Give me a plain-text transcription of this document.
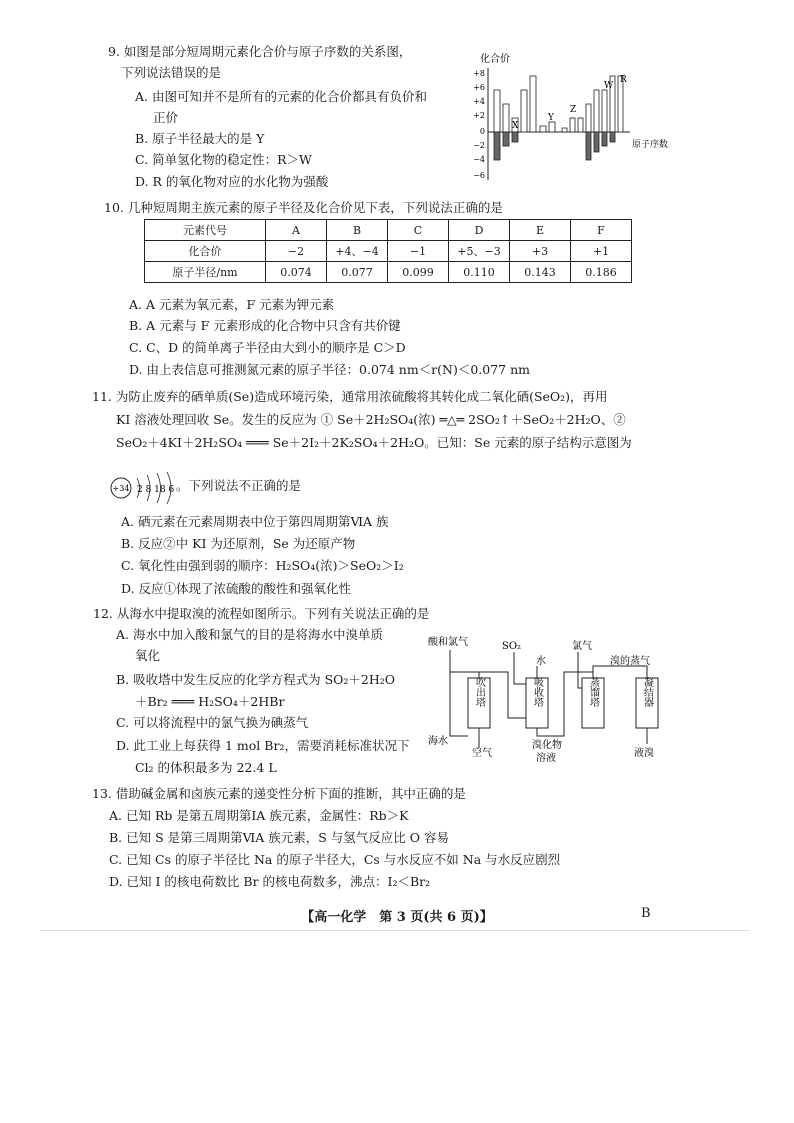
9. 如图是部分短周期元素化合价与原子序数的关系图，
下列说法错误的是
A. 由图可知并不是所有的元素的化合价都具有负价和
正价
B. 原子半径最大的是 Y
C. 简单氢化物的稳定性：R＞W
D. R 的氧化物对应的水化物为强酸
化合价
+8
+6
+4
+2
0
−2
−4
−6
原子序数
X
Y
Z
W
R
10. 几种短周期主族元素的原子半径及化合价见下表，下列说法正确的是
元素代号	A	B	C	D	E	F
化合价	−2	+4、−4	−1	+5、−3	+3	+1
原子半径/nm	0.074	0.077	0.099	0.110	0.143	0.186
A. A 元素为氧元素，F 元素为钾元素
B. A 元素与 F 元素形成的化合物中只含有共价键
C. C、D 的简单离子半径由大到小的顺序是 C＞D
D. 由上表信息可推测氮元素的原子半径：0.074 nm＜r(N)＜0.077 nm
11. 为防止废弃的硒单质(Se)造成环境污染，通常用浓硫酸将其转化成二氧化硒(SeO₂)，再用
KI 溶液处理回收 Se。发生的反应为 ① Se＋2H₂SO₄(浓) ═△═ 2SO₂↑＋SeO₂＋2H₂O、②
SeO₂＋4KI＋2H₂SO₄ ═══ Se＋2I₂＋2K₂SO₄＋2H₂O。已知：Se 元素的原子结构示意图为
+34 2 8 18 6 。下列说法不正确的是
A. 硒元素在元素周期表中位于第四周期第ⅥA 族
B. 反应②中 KI 为还原剂，Se 为还原产物
C. 氧化性由强到弱的顺序：H₂SO₄(浓)＞SeO₂＞I₂
D. 反应①体现了浓硫酸的酸性和强氧化性
12. 从海水中提取溴的流程如图所示。下列有关说法正确的是
A. 海水中加入酸和氯气的目的是将海水中溴单质
氧化
B. 吸收塔中发生反应的化学方程式为 SO₂＋2H₂O
＋Br₂ ═══ H₂SO₄＋2HBr
C. 可以将流程中的氯气换为碘蒸气
D. 此工业上每获得 1 mol Br₂，需要消耗标准状况下
Cl₂ 的体积最多为 22.4 L
酸和氯气	SO₂
水
氯气
溴的蒸气
海水
空气
溴化物
溶液	液溴
吹出塔	吸收塔	蒸馏塔	凝结器
13. 借助碱金属和卤族元素的递变性分析下面的推断，其中正确的是
A. 已知 Rb 是第五周期第ⅠA 族元素，金属性：Rb＞K
B. 已知 S 是第三周期第ⅥA 族元素，S 与氢气反应比 O 容易
C. 已知 Cs 的原子半径比 Na 的原子半径大，Cs 与水反应不如 Na 与水反应剧烈
D. 已知 I 的核电荷数比 Br 的核电荷数多，沸点：I₂＜Br₂
【高一化学　第 3 页(共 6 页)】	B
